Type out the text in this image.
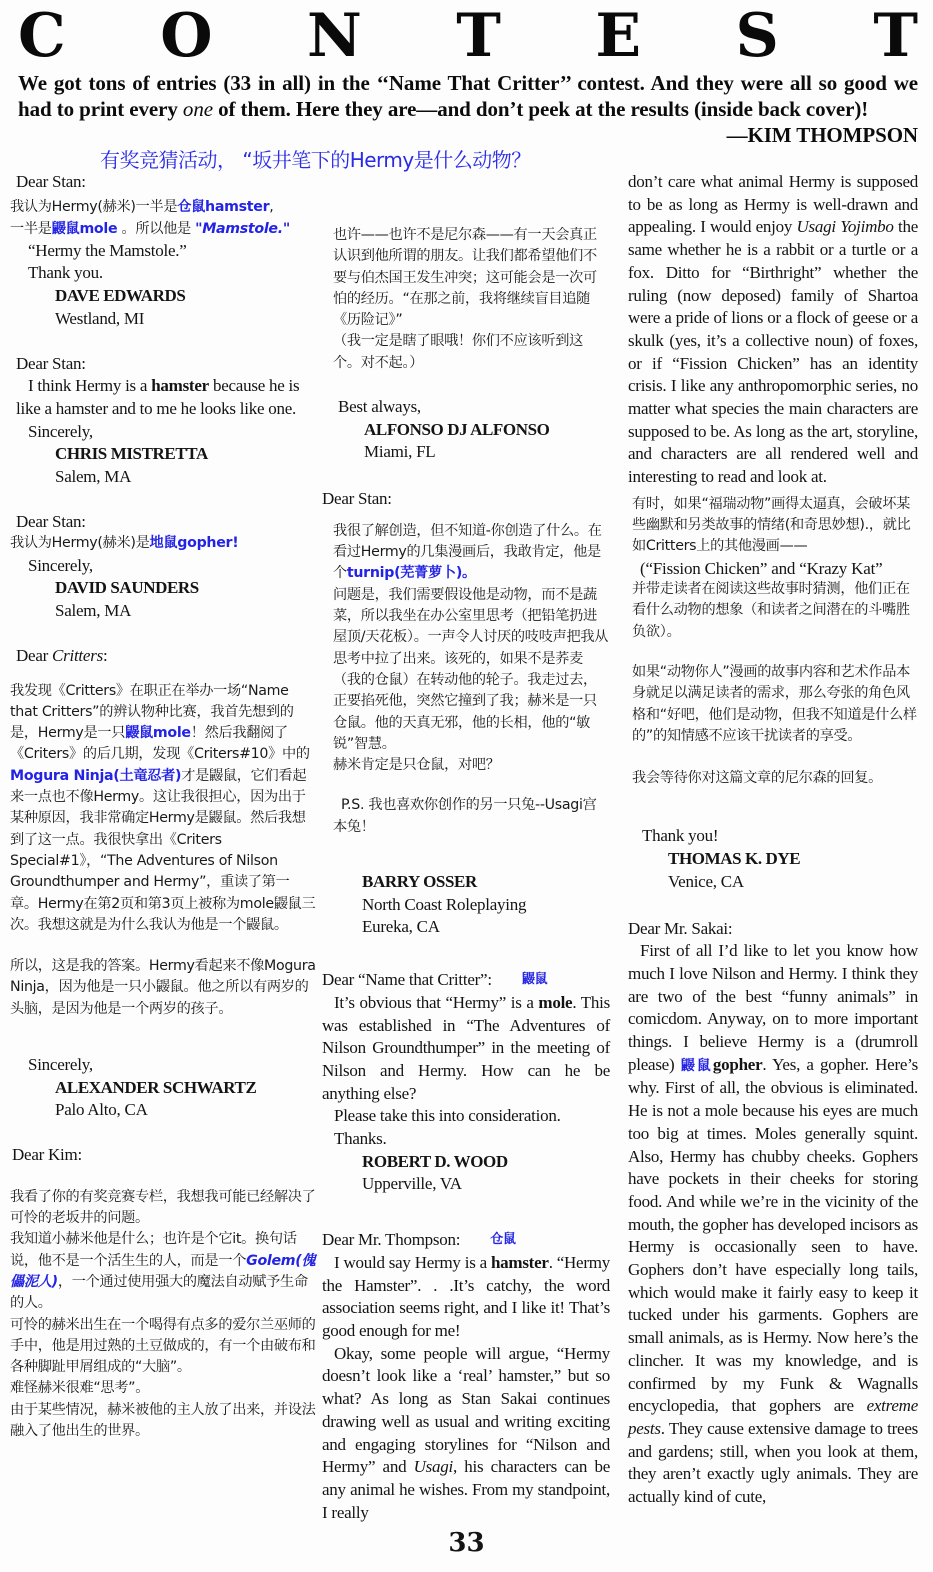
C O N T E S T
We got tons of entries (33 in all) in the ‘‘Name That Critter’’ contest. And they were all so good we had to print every one of them. Here they are—and don’t peek at the results (inside back cover)!
—KIM THOMPSON
有奖竞猜活动， “坂井笔下的Hermy是什么动物？
Dear Stan:
我认为Hermy(赫米)一半是仓鼠hamster,
一半是鼹鼠mole 。所以他是 "Mamstole."
“Hermy the Mamstole.”
Thank you.
DAVE EDWARDS
Westland, MI
Dear Stan:
I think Hermy is a hamster because he is like a hamster and to me he looks like one.
Sincerely,
CHRIS MISTRETTA
Salem, MA
Dear Stan:
我认为Hermy(赫米)是地鼠gopher!
Sincerely,
DAVID SAUNDERS
Salem, MA
Dear Critters:
我发现《Critters》在职正在举办一场“Name that Critters”的辨认物种比赛，我首先想到的是，Hermy是一只鼹鼠mole！然后我翻阅了《Criters》的后几期，发现《Criters#10》中的Mogura Ninja(土竜忍者)才是鼹鼠，它们看起来一点也不像Hermy。这让我很担心，因为出于某种原因，我非常确定Hermy是鼹鼠。然后我想到了这一点。我很快拿出《Criters Special#1》，“The Adventures of Nilson Groundthumper and Hermy”，重读了第一章。Hermy在第2页和第3页上被称为mole鼹鼠三次。我想这就是为什么我认为他是一个鼹鼠。
所以，这是我的答案。Hermy看起来不像Mogura Ninja，因为他是一只小鼹鼠。他之所以有两岁的头脑，是因为他是一个两岁的孩子。
Sincerely,
ALEXANDER SCHWARTZ
Palo Alto, CA
Dear Kim:
我看了你的有奖竞赛专栏，我想我可能已经解决了可怜的老坂井的问题。
我知道小赫米他是什么；也许是个它it。换句话说，他不是一个活生生的人，而是一个Golem(傀儡泥人)，一个通过使用强大的魔法自动赋予生命的人。
可怜的赫米出生在一个喝得有点多的爱尔兰巫师的手中，他是用过熟的土豆做成的，有一个由破布和各种脚趾甲屑组成的“大脑”。
难怪赫米很难“思考”。
由于某些情况，赫米被他的主人放了出来，并设法融入了他出生的世界。
也许——也许不是尼尔森——有一天会真正认识到他所谓的朋友。让我们都希望他们不要与伯杰国王发生冲突；这可能会是一次可怕的经历。“在那之前，我将继续盲目追随《历险记》”
（我一定是瞎了眼哦！你们不应该听到这个。对不起。）
Best always,
ALFONSO DJ ALFONSO
Miami, FL
Dear Stan:
我很了解创造，但不知道-你创造了什么。在看过Hermy的几集漫画后，我敢肯定，他是个turnip(芜菁萝卜)。
问题是，我们需要假设他是动物，而不是蔬菜，所以我坐在办公室里思考（把铅笔扔进屋顶/天花板）。一声令人讨厌的吱吱声把我从思考中拉了出来。该死的，如果不是荞麦（我的仓鼠）在转动他的轮子。我走过去，正要掐死他，突然它撞到了我；赫米是一只仓鼠。他的天真无邪，他的长相，他的“敏锐”智慧。
赫米肯定是只仓鼠，对吧？
P.S. 我也喜欢你创作的另一只兔--Usagi宫本兔！
BARRY OSSER
North Coast Roleplaying
Eureka, CA
Dear “Name that Critter”: $^{鼹鼠}$
It’s obvious that “Hermy” is a mole. This was established in “The Adventures of Nilson Groundthumper” in the meeting of Nilson and Hermy. How can he be anything else?
Please take this into consideration.
Thanks.
ROBERT D. WOOD
Upperville, VA
Dear Mr. Thompson: $^{仓鼠}$
I would say Hermy is a hamster. “Hermy the Hamster”. . .It’s catchy, the word association seems right, and I like it! That’s good enough for me!
Okay, some people will argue, “Hermy doesn’t look like a ‘real’ hamster,” but so what? As long as Stan Sakai continues drawing well as usual and writing exciting and engaging storylines for “Nilson and Hermy” and Usagi, his characters can be any animal he wishes. From my standpoint, I really
don’t care what animal Hermy is supposed to be as long as Hermy is well-drawn and appealing. I would enjoy Usagi Yojimbo the same whether he is a rabbit or a turtle or a fox. Ditto for “Birthright” whether the ruling (now deposed) family of Shartoa were a pride of lions or a flock of geese or a skulk (yes, it’s a collective noun) of foxes, or if “Fission Chicken” has an identity crisis. I like any anthropomorphic series, no matter what species the main characters are supposed to be. As long as the art, storyline, and characters are all rendered well and interesting to read and look at.
有时，如果“福瑞动物”画得太逼真，会破坏某些幽默和另类故事的情绪(和奇思妙想).，就比如Critters上的其他漫画——
(“Fission Chicken” and “Krazy Kat”
并带走读者在阅读这些故事时猜测，他们正在看什么动物的想象（和读者之间潜在的斗嘴胜负欲）。
如果“动物你人”漫画的故事内容和艺术作品本身就足以满足读者的需求，那么夸张的角色风格和“好吧，他们是动物，但我不知道是什么样的”的知情感不应该干扰读者的享受。
我会等待你对这篇文章的尼尔森的回复。
Thank you!
THOMAS K. DYE
Venice, CA
Dear Mr. Sakai:
First of all I’d like to let you know how much I love Nilson and Hermy. I think they are two of the best “funny animals” in comicdom. Anyway, on to more important things. I believe Hermy is a (drumroll please) 鼹鼠gopher. Yes, a gopher. Here’s why. First of all, the obvious is eliminated. He is not a mole because his eyes are much too big at times. Moles generally squint. Also, Hermy has chubby cheeks. Gophers have pockets in their cheeks for storing food. And while we’re in the vicinity of the mouth, the gopher has developed incisors as Hermy is occasionally seen to have. Gophers don’t have especially long tails, which would make it fairly easy to keep it tucked under his garments. Gophers are small animals, as is Hermy. Now here’s the clincher. It was my knowledge, and is confirmed by my Funk & Wagnalls encyclopedia, that gophers are extreme pests. They cause extensive damage to trees and gardens; still, when you look at them, they aren’t exactly ugly animals. They are actually kind of cute,
33
